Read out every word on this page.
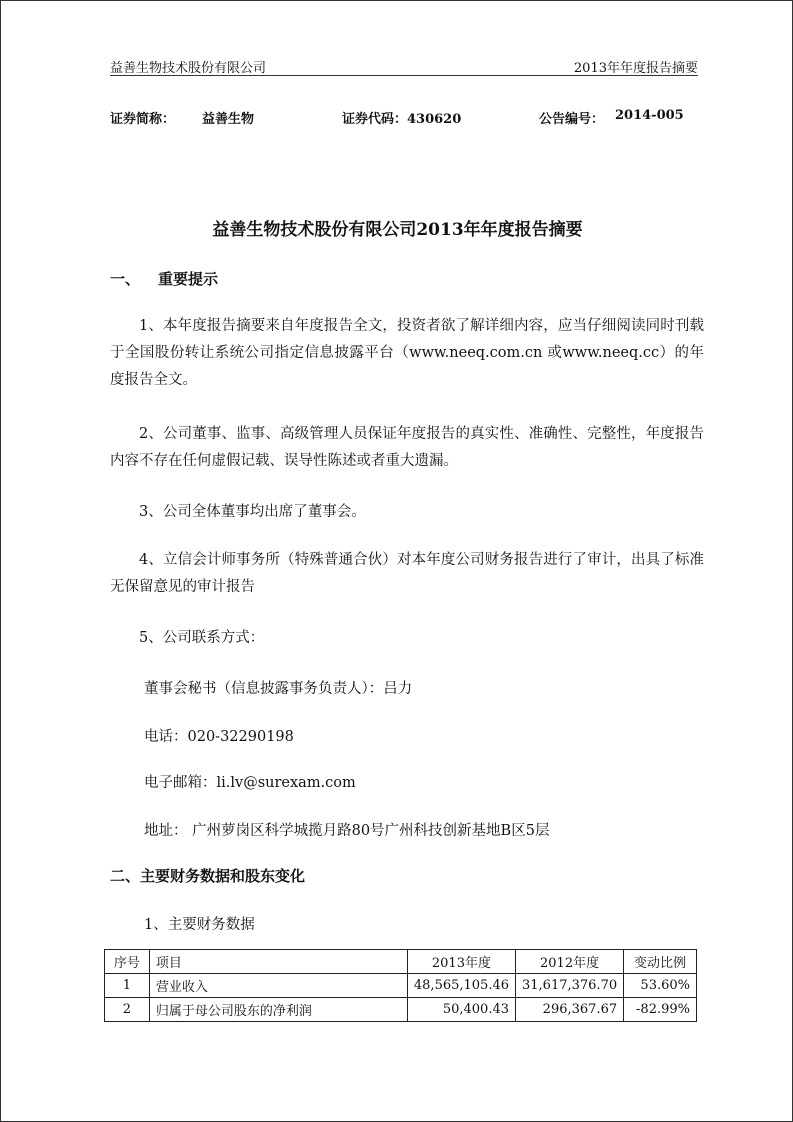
益善生物技术股份有限公司	2013年年度报告摘要
证券简称： 益善生物	证券代码：430620	公告编号： 2014-005
益善生物技术股份有限公司2013年年度报告摘要
一、 重要提示
1、本年度报告摘要来自年度报告全文，投资者欲了解详细内容，应当仔细阅读同时刊载于全国股份转让系统公司指定信息披露平台（www.neeq.com.cn 或www.neeq.cc）的年度报告全文。
2、公司董事、监事、高级管理人员保证年度报告的真实性、准确性、完整性，年度报告内容不存在任何虚假记载、误导性陈述或者重大遗漏。
3、公司全体董事均出席了董事会。
4、立信会计师事务所（特殊普通合伙）对本年度公司财务报告进行了审计，出具了标准无保留意见的审计报告
5、公司联系方式：
董事会秘书（信息披露事务负责人）：吕力
电话：020-32290198
电子邮箱：li.lv@surexam.com
地址： 广州萝岗区科学城揽月路80号广州科技创新基地B区5层
二、主要财务数据和股东变化
1、主要财务数据
序号	项目	2013年度	2012年度	变动比例
1	营业收入	48,565,105.46	31,617,376.70	53.60%
2	归属于母公司股东的净利润	50,400.43	296,367.67	-82.99%
